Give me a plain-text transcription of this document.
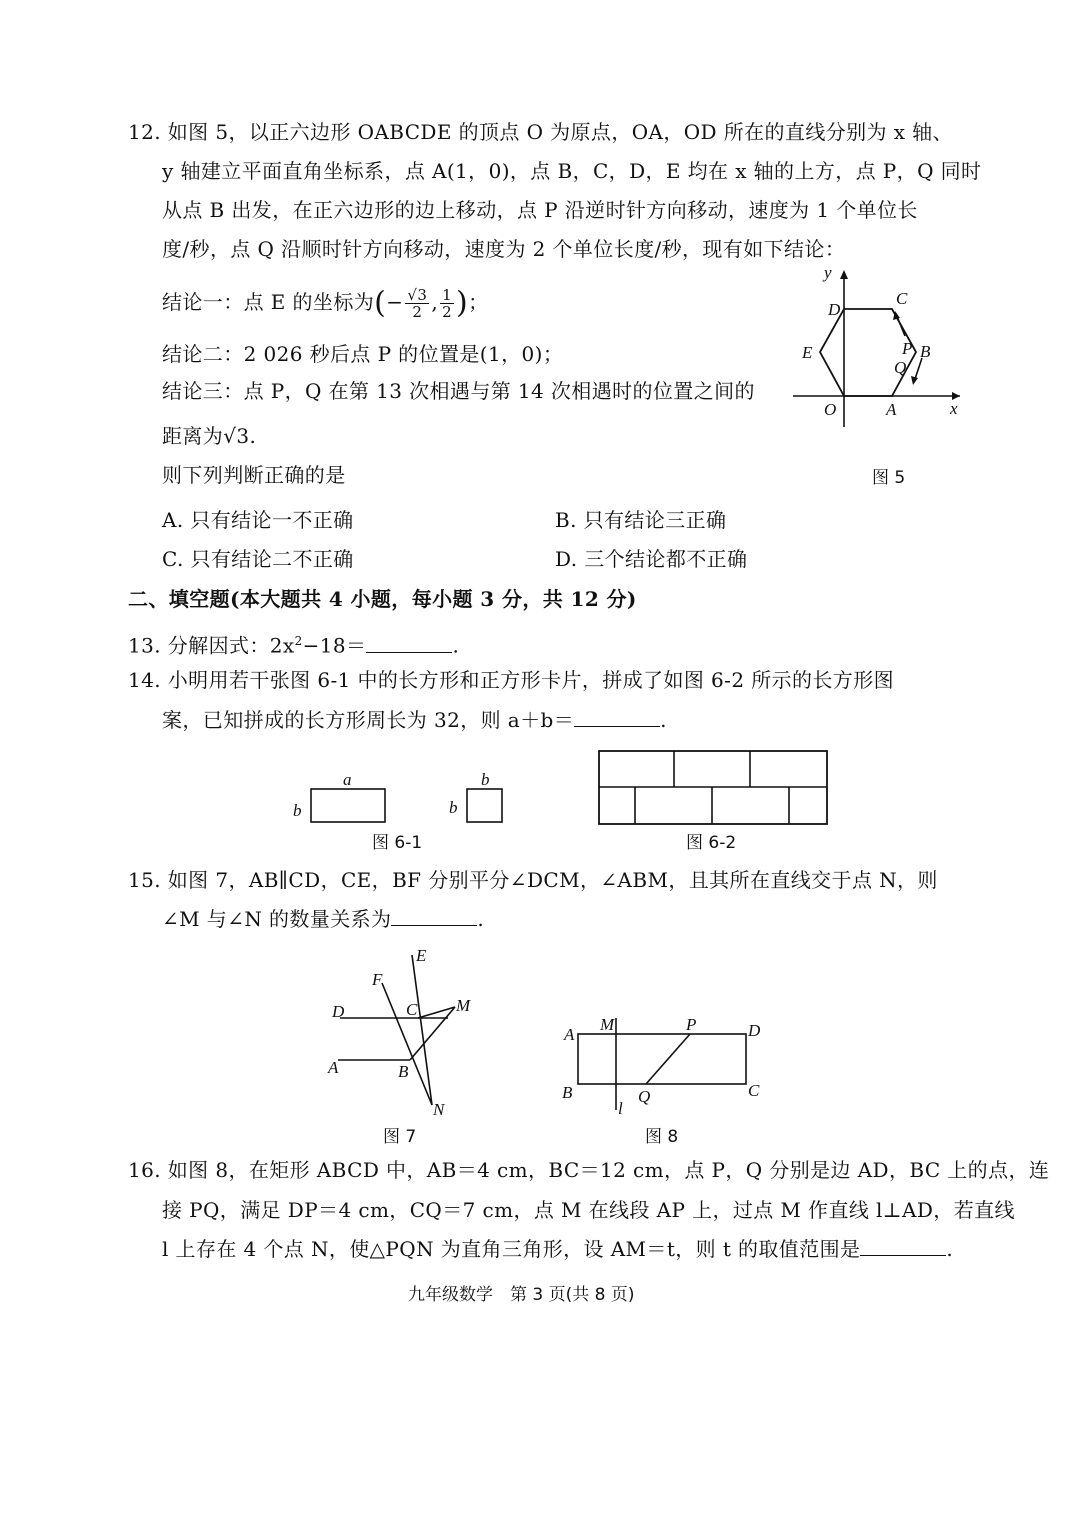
12. 如图 5，以正六边形 OABCDE 的顶点 O 为原点，OA，OD 所在的直线分别为 x 轴、
y 轴建立平面直角坐标系，点 A(1，0)，点 B，C，D，E 均在 x 轴的上方，点 P，Q 同时
从点 B 出发，在正六边形的边上移动，点 P 沿逆时针方向移动，速度为 1 个单位长
度/秒，点 Q 沿顺时针方向移动，速度为 2 个单位长度/秒，现有如下结论：
结论一：点 E 的坐标为(− $\frac{√3}{2}$ , $\frac{1}{2}$ )；
结论二：2 026 秒后点 P 的位置是(1，0)；
结论三：点 P，Q 在第 13 次相遇与第 14 次相遇时的位置之间的
距离为√3.
则下列判断正确的是
A. 只有结论一不正确	B. 只有结论三正确
C. 只有结论二不正确	D. 三个结论都不正确
y
x
O	A
B
C
D
E	P
Q
图 5
二、填空题(本大题共 4 小题，每小题 3 分，共 12 分)
13. 分解因式：$2x^2-18=$	.
14. 小明用若干张图 6-1 中的长方形和正方形卡片，拼成了如图 6-2 所示的长方形图
案，已知拼成的长方形周长为 32，则 a＋b＝	.
a
b
b
b
图 6-1	图 6-2
15. 如图 7，AB∥CD，CE，BF 分别平分∠DCM，∠ABM，且其所在直线交于点 N，则
∠M 与∠N 的数量关系为	.
E
F
D	C M
A	B
N
图 7
A
M	P	D
B	Q	C
l
图 8
16. 如图 8，在矩形 ABCD 中，AB＝4 cm，BC＝12 cm，点 P，Q 分别是边 AD，BC 上的点，连
接 PQ，满足 DP＝4 cm，CQ＝7 cm，点 M 在线段 AP 上，过点 M 作直线 l⊥AD，若直线
l 上存在 4 个点 N，使△PQN 为直角三角形，设 AM＝t，则 t 的取值范围是	.
九年级数学　第 3 页(共 8 页)
